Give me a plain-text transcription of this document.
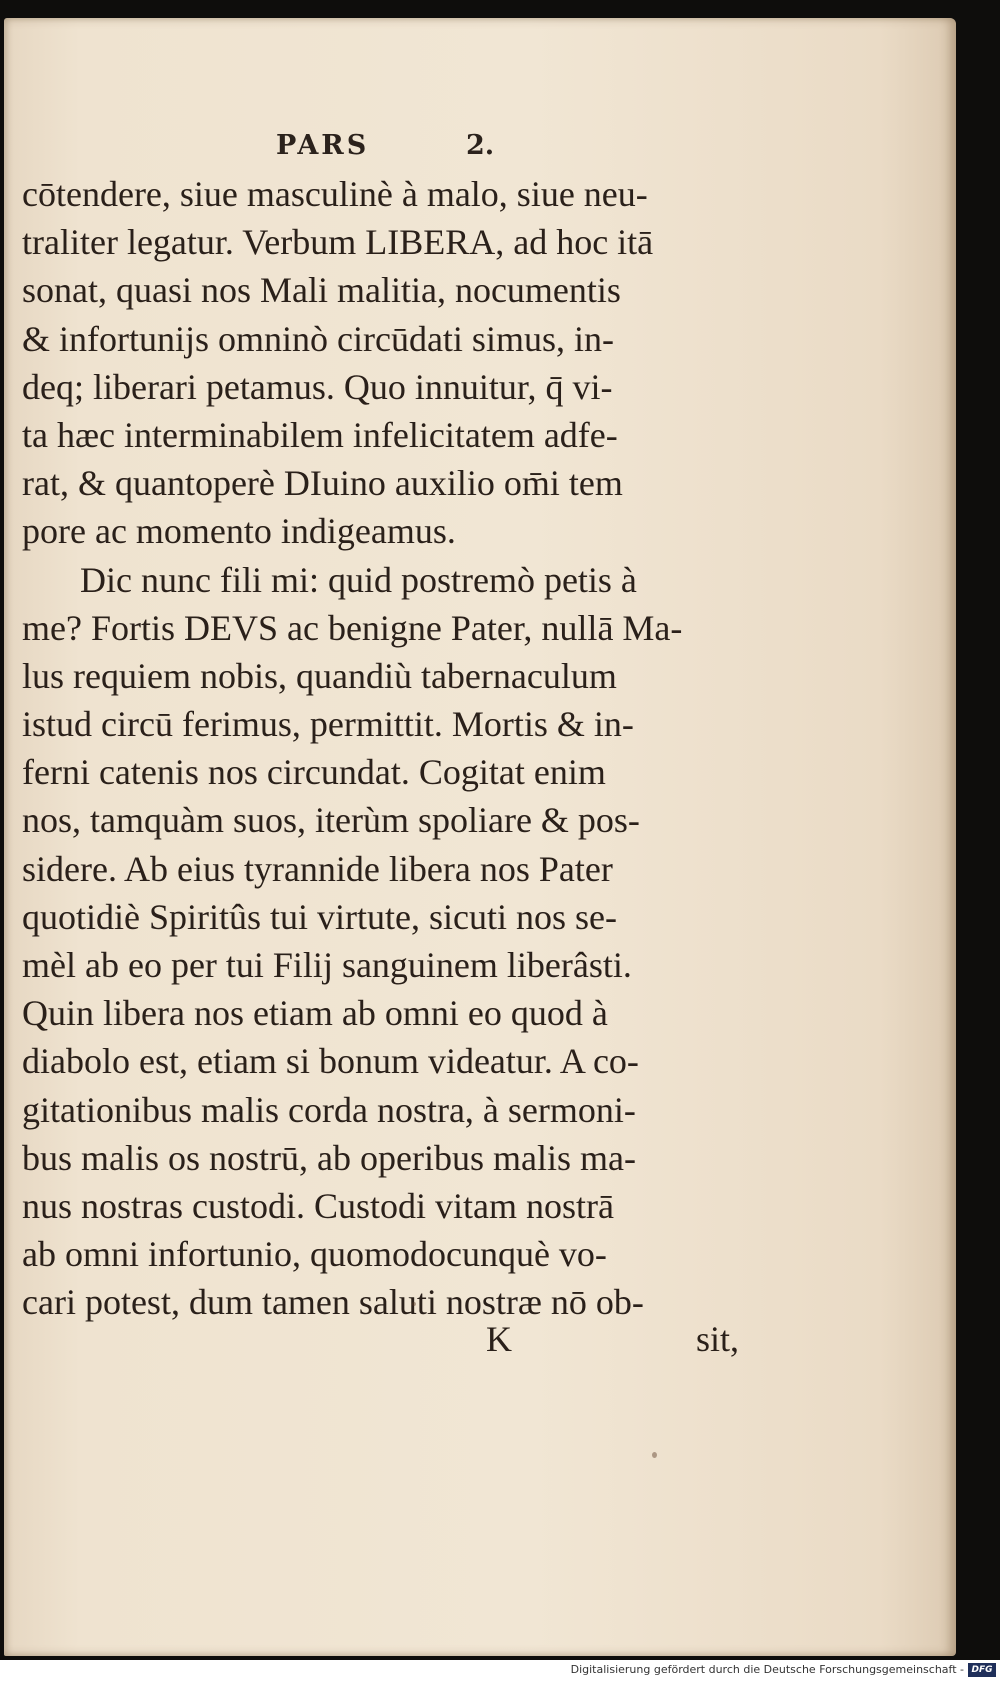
PARS	2.
cōtendere, siue masculinè à malo, siue neu-
traliter legatur. Verbum LIBERA, ad hoc itā
sonat, quasi nos Mali malitia, nocumentis
& infortunijs omninò circūdati simus, in-
deq; liberari petamus. Quo innuitur, q̄ vi-
ta hæc interminabilem infelicitatem adfe-
rat, & quantoperè DIuino auxilio om̄i tem
pore ac momento indigeamus.
Dic nunc fili mi: quid postremò petis à
me? Fortis DEVS ac benigne Pater, nullā Ma-
lus requiem nobis, quandiù tabernaculum
istud circū ferimus, permittit. Mortis & in-
ferni catenis nos circundat. Cogitat enim
nos, tamquàm suos, iterùm spoliare & pos-
sidere. Ab eius tyrannide libera nos Pater
quotidiè Spiritûs tui virtute, sicuti nos se-
mèl ab eo per tui Filij sanguinem liberâsti.
Quin libera nos etiam ab omni eo quod à
diabolo est, etiam si bonum videatur. A co-
gitationibus malis corda nostra, à sermoni-
bus malis os nostrū, ab operibus malis ma-
nus nostras custodi. Custodi vitam nostrā
ab omni infortunio, quomodocunquè vo-
cari potest, dum tamen saluti nostræ nō ob-
K	sit,
Digitalisierung gefördert durch die Deutsche Forschungsgemeinschaft - DFG
